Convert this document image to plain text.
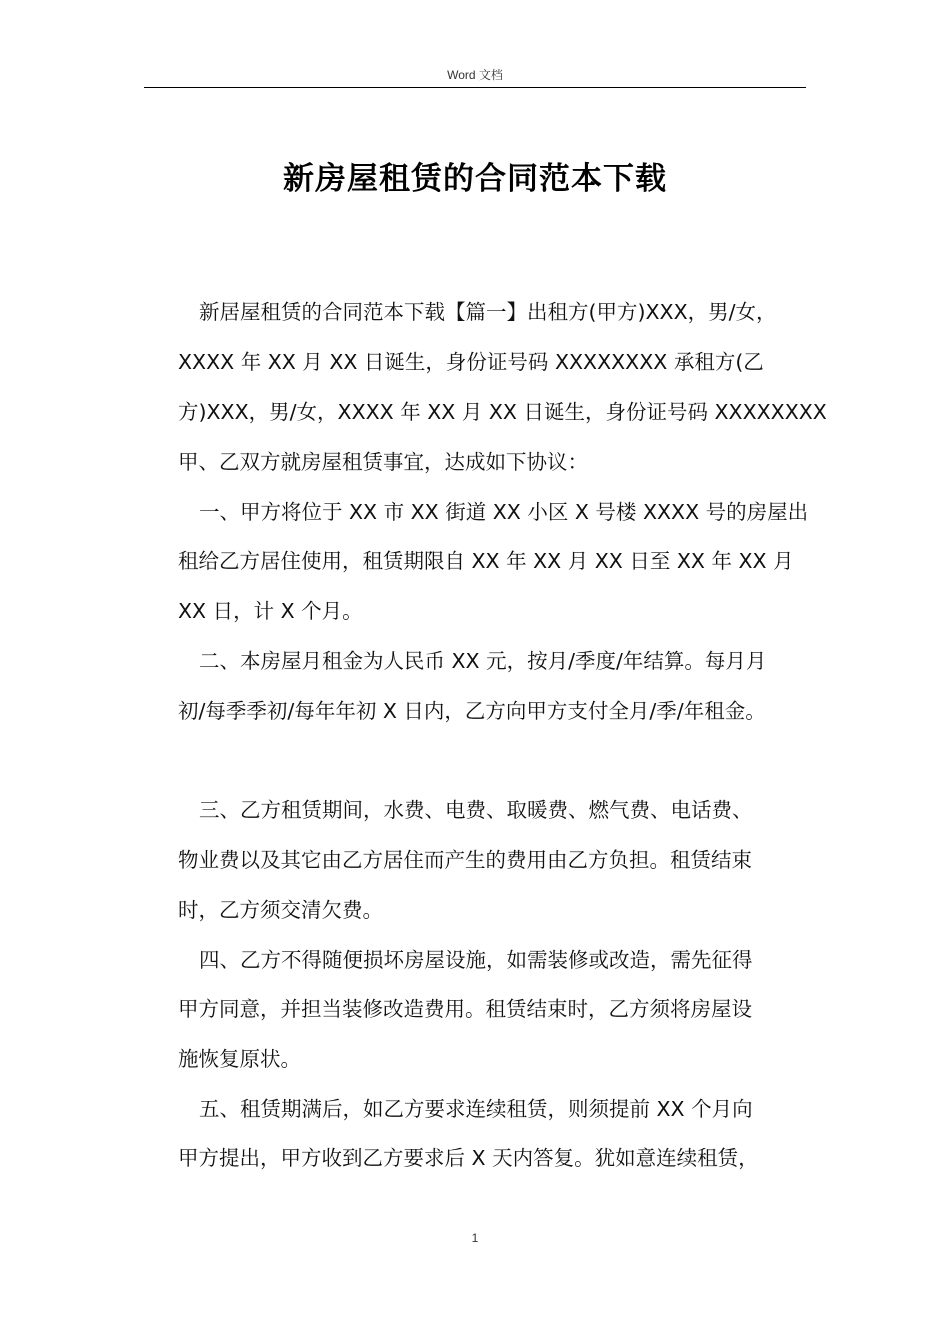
Word 文档
新房屋租赁的合同范本下载
新居屋租赁的合同范本下载【篇一】出租方(甲方)XXX，男/女，
XXXX 年 XX 月 XX 日诞生，身份证号码 XXXXXXXX 承租方(乙
方)XXX，男/女，XXXX 年 XX 月 XX 日诞生，身份证号码 XXXXXXXX
甲、乙双方就房屋租赁事宜，达成如下协议：
一、甲方将位于 XX 市 XX 街道 XX 小区 X 号楼 XXXX 号的房屋出
租给乙方居住使用，租赁期限自 XX 年 XX 月 XX 日至 XX 年 XX 月
XX 日，计 X 个月。
二、本房屋月租金为人民币 XX 元，按月/季度/年结算。每月月
初/每季季初/每年年初 X 日内，乙方向甲方支付全月/季/年租金。
三、乙方租赁期间，水费、电费、取暖费、燃气费、电话费、
物业费以及其它由乙方居住而产生的费用由乙方负担。租赁结束
时，乙方须交清欠费。
四、乙方不得随便损坏房屋设施，如需装修或改造，需先征得
甲方同意，并担当装修改造费用。租赁结束时，乙方须将房屋设
施恢复原状。
五、租赁期满后，如乙方要求连续租赁，则须提前 XX 个月向
甲方提出，甲方收到乙方要求后 X 天内答复。犹如意连续租赁，
1
